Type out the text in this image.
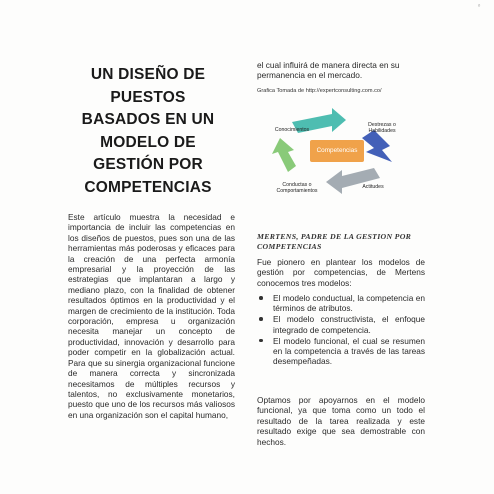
ᵒ
UN DISEÑO DE
PUESTOS
BASADOS EN UN
MODELO DE
GESTIÓN POR
COMPETENCIAS

Este artículo muestra la necesidad e importancia de incluir las competencias en los diseños de puestos, pues son una de las herramientas más poderosas y eficaces para la creación de una perfecta armonía empresarial y la proyección de las estrategias que implantaran a largo y mediano plazo, con la finalidad de obtener resultados óptimos en la productividad y el margen de crecimiento de la institución. Toda corporación, empresa u organización necesita manejar un concepto de productividad, innovación y desarrollo para poder competir en la globalización actual. Para que su sinergia organizacional funcione de manera correcta y sincronizada necesitamos de múltiples recursos y talentos, no exclusivamente monetarios, puesto que uno de los recursos más valiosos en una organización son el capital humano,

el cual influirá de manera directa en su permanencia en el mercado.

Grafica Tomada de http://expertconsulting.com.co/

Competencias
Conocimientos
Destrezas o Habilidades
Actitudes
Conductas o Comportamientos
MERTENS, PADRE DE LA GESTION POR COMPETENCIAS

Fue pionero en plantear los modelos de gestión por competencias, de Mertens conocemos tres modelos:

El modelo conductual, la competencia en términos de atributos.
El modelo constructivista, el enfoque integrado de competencia.
El modelo funcional, el cual se resumen en la competencia a través de las tareas desempeñadas.

Optamos por apoyarnos en el modelo funcional, ya que toma como un todo el resultado de la tarea realizada y este resultado exige que sea demostrable con hechos.
